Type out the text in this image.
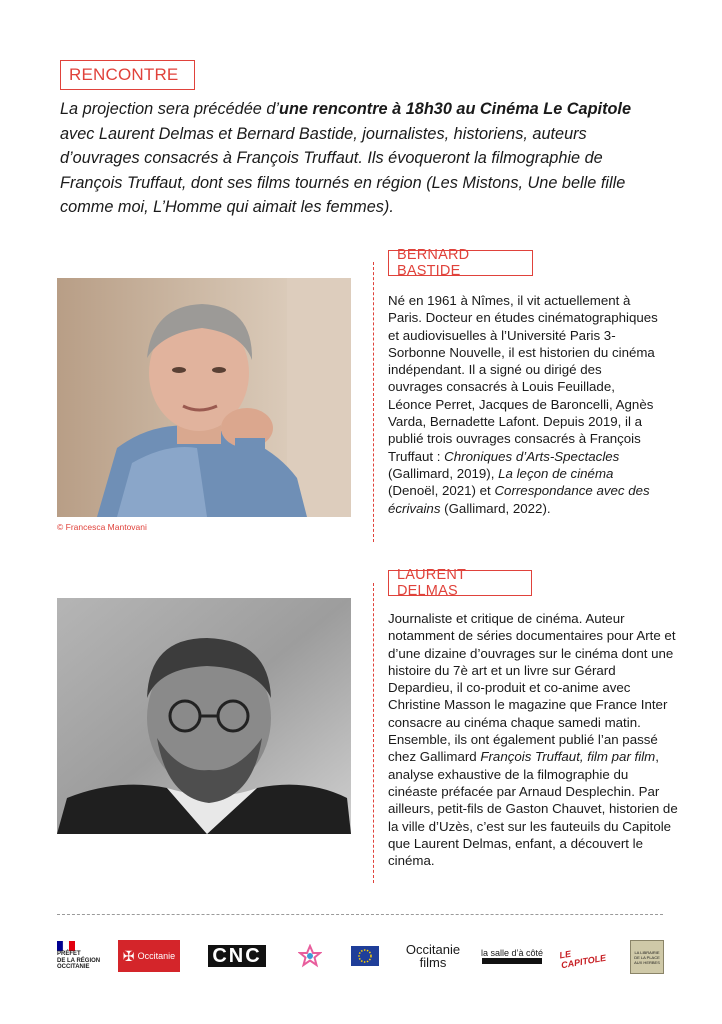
RENCONTRE

La projection sera précédée d’une rencontre à 18h30 au Cinéma Le Capitole avec Laurent Delmas et Bernard Bastide, journalistes, historiens, auteurs d’ouvrages consacrés à François Truffaut. Ils évoqueront la filmographie de François Truffaut, dont ses films tournés en région (Les Mistons, Une belle fille comme moi, L’Homme qui aimait les femmes).

BERNARD BASTIDE
© Francesca Mantovani

Né en 1961 à Nîmes, il vit actuellement à Paris. Docteur en études cinématographiques et audiovisuelles à l’Université Paris 3-Sorbonne Nouvelle, il est historien du cinéma indépendant. Il a signé ou dirigé des ouvrages consacrés à Louis Feuillade, Léonce Perret, Jacques de Baroncelli, Agnès Varda, Bernadette Lafont. Depuis 2019, il a publié trois ouvrages consacrés à François Truffaut : Chroniques d’Arts-Spectacles (Gallimard, 2019), La leçon de cinéma (Denoël, 2021) et Correspondance avec des écrivains (Gallimard, 2022).

LAURENT DELMAS

Journaliste et critique de cinéma. Auteur notamment de séries documentaires pour Arte et d’une dizaine d’ouvrages sur le cinéma dont une histoire du 7è art et un livre sur Gérard Depardieu, il co-produit et co-anime avec Christine Masson le magazine que France Inter consacre au cinéma chaque samedi matin. Ensemble, ils ont également publié l’an passé chez Gallimard François Truffaut, film par film, analyse exhaustive de la filmographie du cinéaste préfacée par Arnaud Desplechin. Par ailleurs, petit-fils de Gaston Chauvet, historien de la ville d’Uzès, c’est sur les fauteuils du Capitole que Laurent Delmas, enfant, a découvert le cinéma.

PRÉFET
DE LA RÉGION
OCCITANIE
✠ Occitanie CNC	Occitanie
films
la salle d’à côté LE CAPITOLE
LA LIBRAIRIE
DE LA PLACE
AUX HERBES
